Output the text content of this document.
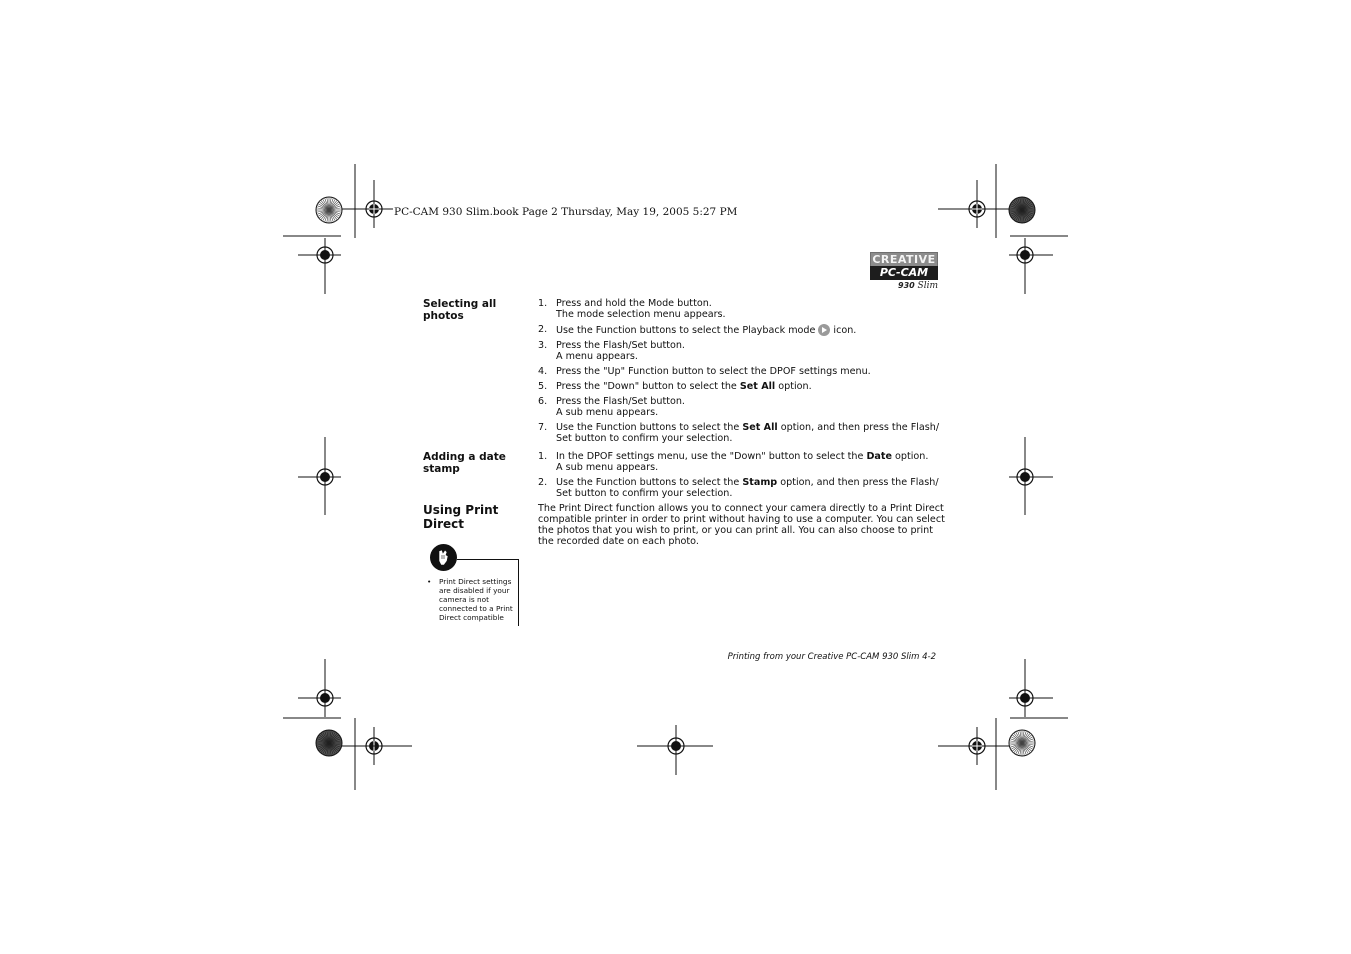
PC-CAM 930 Slim.book Page 2 Thursday, May 19, 2005 5:27 PM
CREATIVE
PC-CAM
930 Slim
Selecting all
photos
1. Press and hold the Mode button.
The mode selection menu appears.
2. Use the Function buttons to select the Playback mode icon.
3. Press the Flash/Set button.
A menu appears.
4. Press the "Up" Function button to select the DPOF settings menu.
5. Press the "Down" button to select the Set All option.
6. Press the Flash/Set button.
A sub menu appears.
7. Use the Function buttons to select the Set All option, and then press the Flash/ Set button to confirm your selection.
Adding a date
stamp
1. In the DPOF settings menu, use the "Down" button to select the Date option.
A sub menu appears.
2. Use the Function buttons to select the Stamp option, and then press the Flash/ Set button to confirm your selection.
Using Print
Direct
The Print Direct function allows you to connect your camera directly to a Print Direct compatible printer in order to print without having to use a computer. You can select the photos that you wish to print, or you can print all. You can also choose to print the recorded date on each photo.
•	Print Direct settings are disabled if your camera is not connected to a Print Direct compatible
Printing from your Creative PC-CAM 930 Slim 4-2
